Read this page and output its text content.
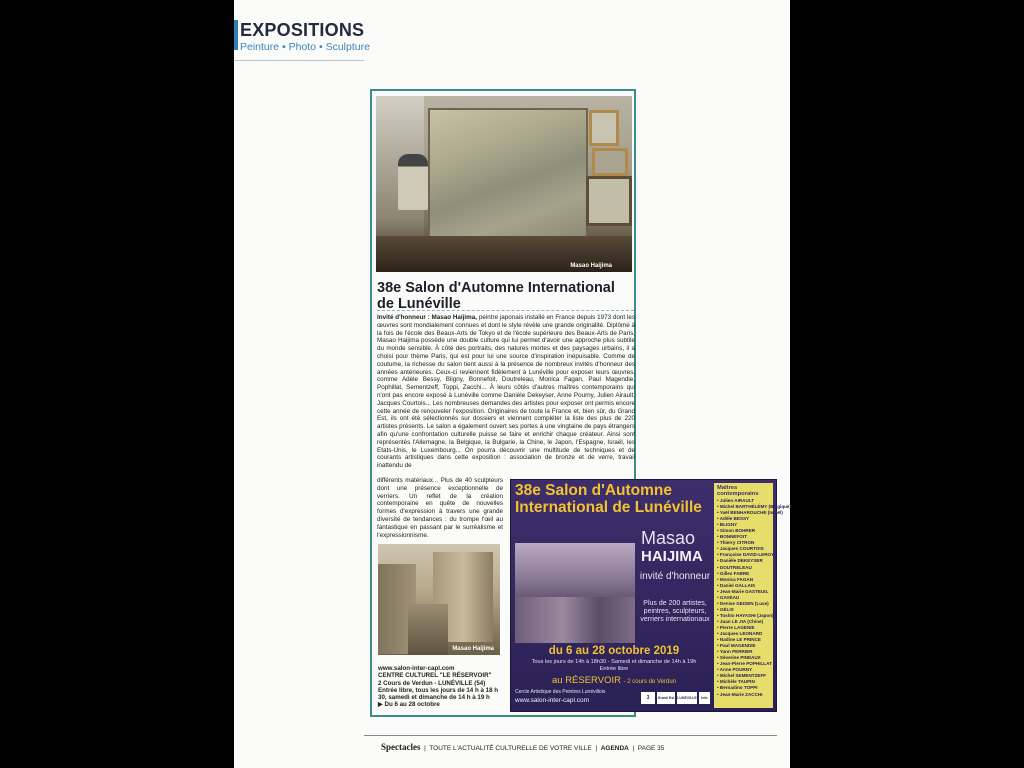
EXPOSITIONS
Peinture • Photo • Sculpture
Masao Haijima
38e Salon d'Automne International de Lunéville

Invité d'honneur : Masao Haijima, peintre japonais installé en France depuis 1973 dont les œuvres sont mondialement connues et dont le style révèle une grande originalité. Diplômé à la fois de l'école des Beaux-Arts de Tokyo et de l'école supérieure des Beaux-Arts de Paris, Masao Haijima possède une double culture qui lui permet d'avoir une approche plus subtile du monde sensible. À côté des portraits, des natures mortes et des paysages urbains, il a choisi pour thème Paris, qui est pour lui une source d'inspiration inépuisable. Comme de coutume, la richesse du salon tient aussi à la présence de nombreux invités d'honneur des années antérieures. Ceux-ci reviennent fidèlement à Lunéville pour exposer leurs œuvres, comme Adèle Bessy, Bligny, Bonnefoit, Doutreleau, Monica Fagan, Paul Magendie, Pophillat, Sementzeff, Toppi, Zacchi... À leurs côtés d'autres maîtres contemporains qui n'ont pas encore exposé à Lunéville comme Danièle Dekeyser, Anne Pourny, Julien Airault, Jacques Courtois... Les nombreuses demandes des artistes pour exposer ont permis encore cette année de renouveler l'exposition. Originaires de toute la France et, bien sûr, du Grand Est, ils ont été sélectionnés sur dossiers et viennent compléter la liste des plus de 220 artistes présents. Le salon a également ouvert ses portes à une vingtaine de pays étrangers afin qu'une confrontation culturelle puisse se faire et enrichir chaque créateur. Ainsi sont représentés l'Allemagne, la Belgique, la Bulgarie, la Chine, le Japon, l'Espagne, Israël, les Etats-Unis, le Luxembourg... On pourra découvrir une multitude de techniques et de courants artistiques dans cette exposition : association de bronze et de verre, travail inattendu de

différents matériaux... Plus de 40 sculpteurs dont une présence exceptionnelle de verriers. Un reflet de la création contemporaine en quête de nouvelles formes d'expression à travers une grande diversité de tendances : du trompe l'œil au fantastique en passant par le surréalisme et l'expressionnisme.

Masao Haijima
www.salon-inter-capl.com
CENTRE CULTUREL "LE RÉSERVOIR"
2 Cours de Verdun - LUNÉVILLE (54)
Entrée libre, tous les jours de 14 h à 18 h 30, samedi et dimanche de 14 h à 19 h
▶ Du 6 au 28 octobre
38e Salon d'Automne
International de Lunéville
Masao
HAIJIMA
invité d'honneur
Plus de 200 artistes, peintres, sculpteurs, verriers internationaux
du 6 au 28 octobre 2019
Tous les jours de 14h à 18h30 - Samedi et dimanche de 14h à 19h
Entrée libre
au RÉSERVOIR - 2 cours de Verdun
Cercle Artistique des Peintres Lunévillois
www.salon-inter-capl.com	3	Grand Est LUNÉVILLE	Info
Maîtres contemporains
• Julien AIRAULT
• Michel BARTHÉLÉMY (Belgique)
• Yaël BENHAROUCHE (Israël)
• Adèle BESSY
• BLIGNY
• Simon BOHRER
• BONNEFOIT
• Thierry CITRON
• Jacques COURTOIS
• Françoise DAVID-LEROY
• Danièle DEKEYSER
• DOUTRELEAU
• Gilles FABRE
• Monica FAGAN
• Daniel GALLAIS
• Jean-Marie GASTEUIL
• GAVEAU
• Denise GEISEN (Luxe)
• GÉLIS
• Toshio HAYASHI (Japon)
• Juan LE JIA (Chine)
• Pierre LAGENIE
• Jacques LEONARD
• Nadine LE PRINCE
• Paul MAGENDIE
• Yann PERRIER
• Séverine PINEAUX
• Jean-Pierre POPHILLAT
• Anne POURNY
• Michel SEMENTZEFF
• Michèle TAUPIN
• Bernadino TOPPI
• Jean-Marie ZACCHI
Spectacles  |  TOUTE L'ACTUALITÉ CULTURELLE DE VOTRE VILLE  |  AGENDA  |  PAGE 35
